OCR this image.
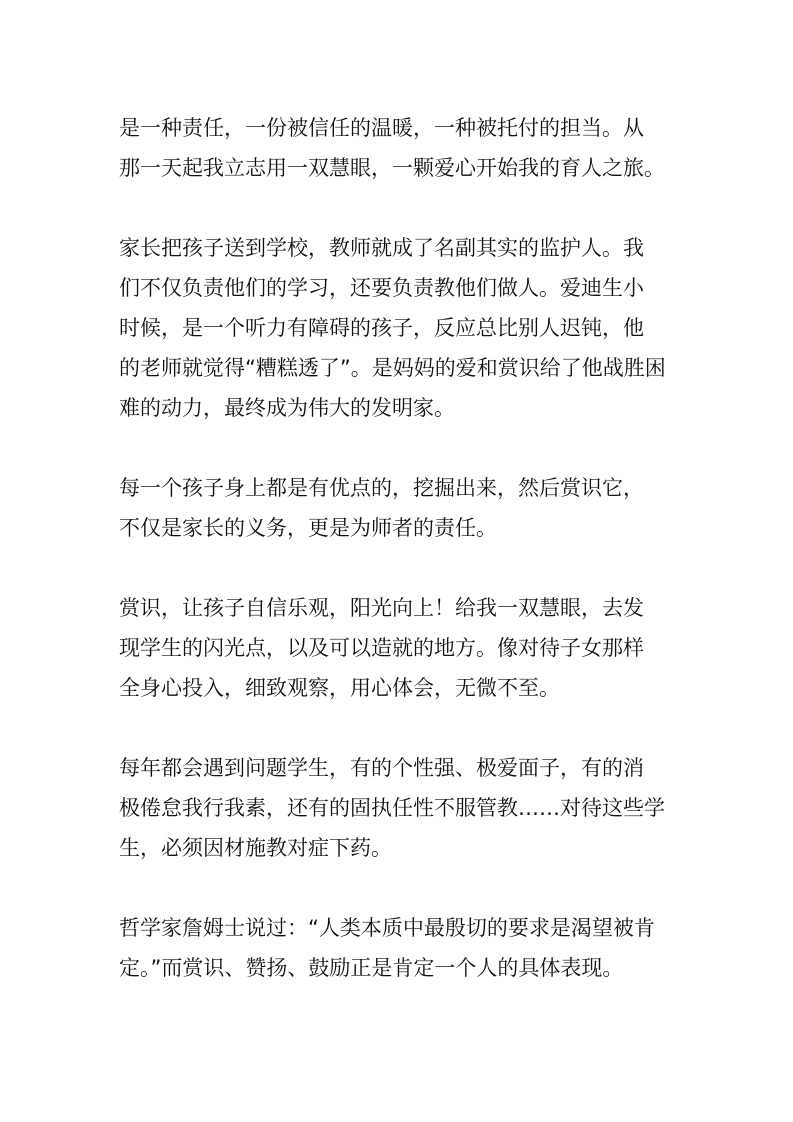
是一种责任，一份被信任的温暖，一种被托付的担当。从
那一天起我立志用一双慧眼，一颗爱心开始我的育人之旅。

家长把孩子送到学校，教师就成了名副其实的监护人。我
们不仅负责他们的学习，还要负责教他们做人。爱迪生小
时候，是一个听力有障碍的孩子，反应总比别人迟钝，他
的老师就觉得“糟糕透了”。是妈妈的爱和赏识给了他战胜困
难的动力，最终成为伟大的发明家。

每一个孩子身上都是有优点的，挖掘出来，然后赏识它，
不仅是家长的义务，更是为师者的责任。

赏识，让孩子自信乐观，阳光向上！给我一双慧眼，去发
现学生的闪光点，以及可以造就的地方。像对待子女那样
全身心投入，细致观察，用心体会，无微不至。

每年都会遇到问题学生，有的个性强、极爱面子，有的消
极倦怠我行我素，还有的固执任性不服管教……对待这些学
生，必须因材施教对症下药。

哲学家詹姆士说过：“人类本质中最殷切的要求是渴望被肯
定。”而赏识、赞扬、鼓励正是肯定一个人的具体表现。
